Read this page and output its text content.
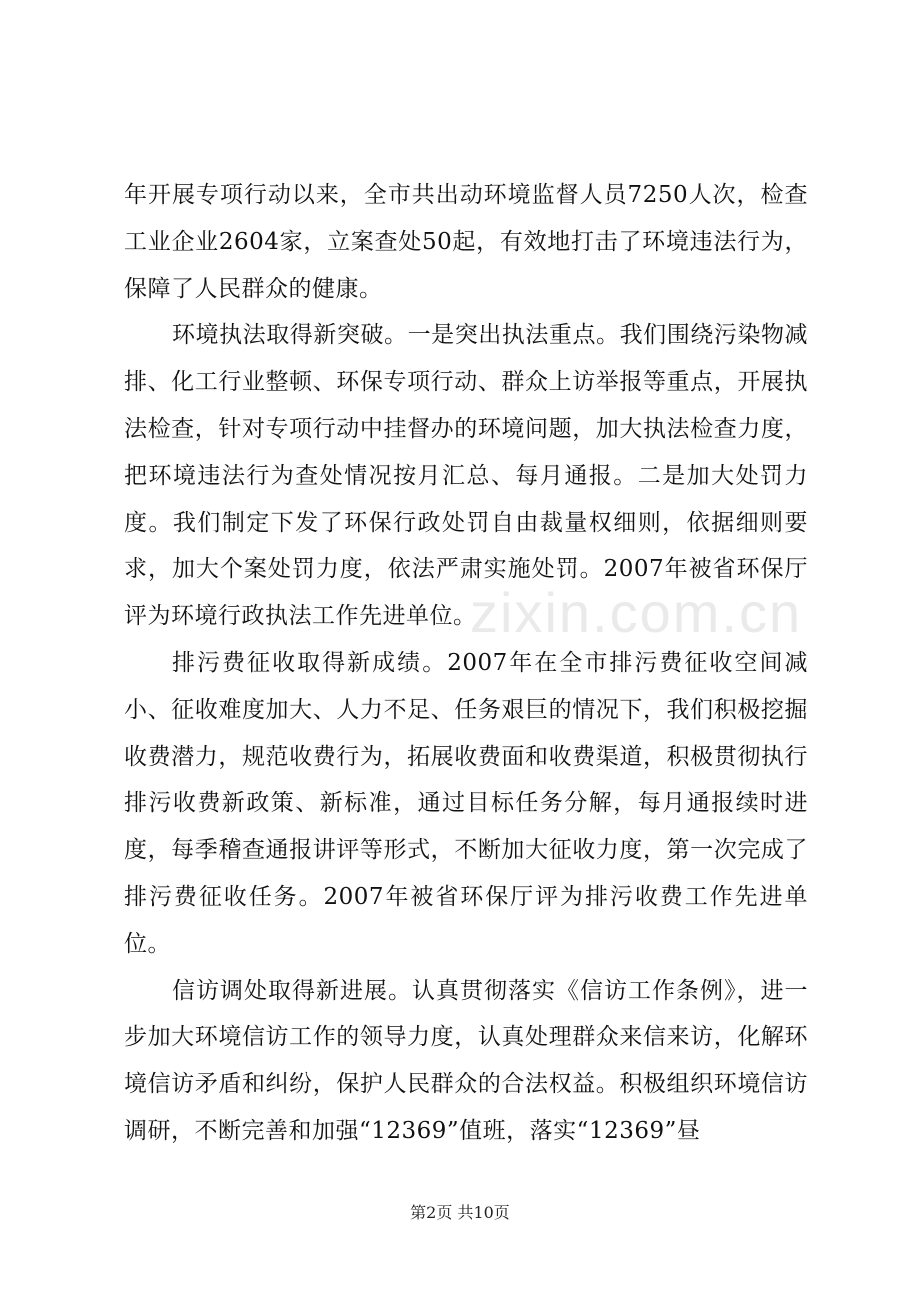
年开展专项行动以来，全市共出动环境监督人员7250人次，检查工业企业2604家，立案查处50起，有效地打击了环境违法行为，保障了人民群众的健康。

环境执法取得新突破。一是突出执法重点。我们围绕污染物减排、化工行业整顿、环保专项行动、群众上访举报等重点，开展执法检查，针对专项行动中挂督办的环境问题，加大执法检查力度，把环境违法行为查处情况按月汇总、每月通报。二是加大处罚力度。我们制定下发了环保行政处罚自由裁量权细则，依据细则要求，加大个案处罚力度，依法严肃实施处罚。2007年被省环保厅评为环境行政执法工作先进单位。

排污费征收取得新成绩。2007年在全市排污费征收空间减小、征收难度加大、人力不足、任务艰巨的情况下，我们积极挖掘收费潜力，规范收费行为，拓展收费面和收费渠道，积极贯彻执行排污收费新政策、新标准，通过目标任务分解，每月通报续时进度，每季稽查通报讲评等形式，不断加大征收力度，第一次完成了排污费征收任务。2007年被省环保厅评为排污收费工作先进单位。

信访调处取得新进展。认真贯彻落实《信访工作条例》，进一步加大环境信访工作的领导力度，认真处理群众来信来访，化解环境信访矛盾和纠纷，保护人民群众的合法权益。积极组织环境信访调研，不断完善和加强“12369”值班，落实“12369”昼

zixin.com.cn
第2页 共10页
